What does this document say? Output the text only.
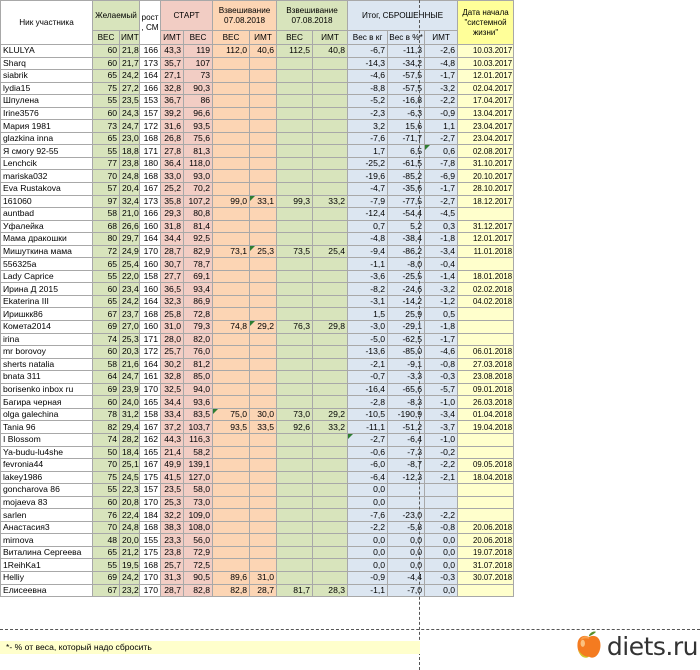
Ник участника	Желаемый		рост , СМ	СТАРТ		Взвешивание 07.08.2018		Взвешивание 07.08.2018		Итог, СБРОШЕННЫЕ			Дата начала "системной жизни"	
	ВЕС	ИМТ		ИМТ	ВЕС	ВЕС	ИМТ	ВЕС	ИМТ	Вес в кг	Вес в %*	ИМТ		
KLULYA	60	21,8	166	43,3	119	112,0	40,6	112,5	40,8	-6,7	-11,3	-2,6	10.03.2017	
Sharq	60	21,7	173	35,7	107					-14,3	-34,2	-4,8	10.03.2017	
siabrik	65	24,2	164	27,1	73					-4,6	-57,5	-1,7	12.01.2017	
lydia15	75	27,2	166	32,8	90,3					-8,8	-57,5	-3,2	02.04.2017	
Шпулена	55	23,5	153	36,7	86					-5,2	-16,8	-2,2	17.04.2017	
Irine3576	60	24,3	157	39,2	96,6					-2,3	-6,3	-0,9	13.04.2017	
Мария 1981	73	24,7	172	31,6	93,5					3,2	15,6	1,1	23.04.2017	
glazkina inna	65	23,0	168	26,8	75,6					-7,6	-71,7	-2,7	23.04.2017	
Я смогу 92-55	55	18,8	171	27,8	81,3					1,7	6,5	0,6	02.08.2017	
Lenchcik	77	23,8	180	36,4	118,0					-25,2	-61,5	-7,8	31.10.2017	
mariska032	70	24,8	168	33,0	93,0					-19,6	-85,2	-6,9	20.10.2017	
Eva Rustakova	57	20,4	167	25,2	70,2					-4,7	-35,6	-1,7	28.10.2017	
161060	97	32,4	173	35,8	107,2	99,0	33,1	99,3	33,2	-7,9	-77,5	-2,7	18.12.2017	
auntbad	58	21,0	166	29,3	80,8					-12,4	-54,4	-4,5		
Уфалейка	68	26,6	160	31,8	81,4					0,7	5,2	0,3	31.12.2017	
Мама дракошки	80	29,7	164	34,4	92,5					-4,8	-38,4	-1,8	12.01.2017	
Мишуткина мама	72	24,9	170	28,7	82,9	73,1	25,3	73,5	25,4	-9,4	-86,2	-3,4	11.01.2018	
556325а	65	25,4	160	30,7	78,7					-1,1	-8,0	-0,4		
Lady Caprice	55	22,0	158	27,7	69,1					-3,6	-25,5	-1,4	18.01.2018	
Ирина Д 2015	60	23,4	160	36,5	93,4					-8,2	-24,6	-3,2	02.02.2018	
Ekaterina III	65	24,2	164	32,3	86,9					-3,1	-14,2	-1,2	04.02.2018	
Иришкк86	67	23,7	168	25,8	72,8					1,5	25,9	0,5		
Комета2014	69	27,0	160	31,0	79,3	74,8	29,2	76,3	29,8	-3,0	-29,1	-1,8		
irina	74	25,3	171	28,0	82,0					-5,0	-62,5	-1,7		
mr borovoy	60	20,3	172	25,7	76,0					-13,6	-85,0	-4,6	06.01.2018	
sherts natalia	58	21,6	164	30,2	81,2					-2,1	-9,1	-0,8	27.03.2018	
bnata 311	64	24,7	161	32,8	85,0					-0,7	-3,3	-0,3	23.08.2018	
borisenko inbox ru	69	23,9	170	32,5	94,0					-16,4	-65,6	-5,7	09.01.2018	
Багира черная	60	24,0	165	34,4	93,6					-2,8	-8,3	-1,0	26.03.2018	
olga galechina	78	31,2	158	33,4	83,5	75,0	30,0	73,0	29,2	-10,5	-190,9	-3,4	01.04.2018	
Tania 96	82	29,4	167	37,2	103,7	93,5	33,5	92,6	33,2	-11,1	-51,2	-3,7	19.04.2018	
I Blossom	74	28,2	162	44,3	116,3					-2,7	-6,4	-1,0		
Ya-budu-lu4she	50	18,4	165	21,4	58,2					-0,6	-7,3	-0,2		
fevronia44	70	25,1	167	49,9	139,1					-6,0	-8,7	-2,2	09.05.2018	
lakey1986	75	24,5	175	41,5	127,0					-6,4	-12,3	-2,1	18.04.2018	
goncharova 86	55	22,3	157	23,5	58,0					0,0				
mojaeva 83	60	20,8	170	25,3	73,0					0,0				
sarlen	76	22,4	184	32,2	109,0					-7,6	-23,0	-2,2		
Анастасия3	70	24,8	168	38,3	108,0					-2,2	-5,8	-0,8	20.06.2018	
mirnova	48	20,0	155	23,3	56,0					0,0	0,0	0,0	20.06.2018	
Виталина Сергеева	65	21,2	175	23,8	72,9					0,0	0,0	0,0	19.07.2018	
1ReihKa1	55	19,5	168	25,7	72,5					0,0	0,0	0,0	31.07.2018	
Helliy	69	24,2	170	31,3	90,5	89,6	31,0			-0,9	-4,4	-0,3	30.07.2018	
Елисеевна	67	23,2	170	28,7	82,8	82,8	28,7	81,7	28,3	-1,1	-7,0	0,0		
*- % от веса, который надо сбросить	diets.ru
